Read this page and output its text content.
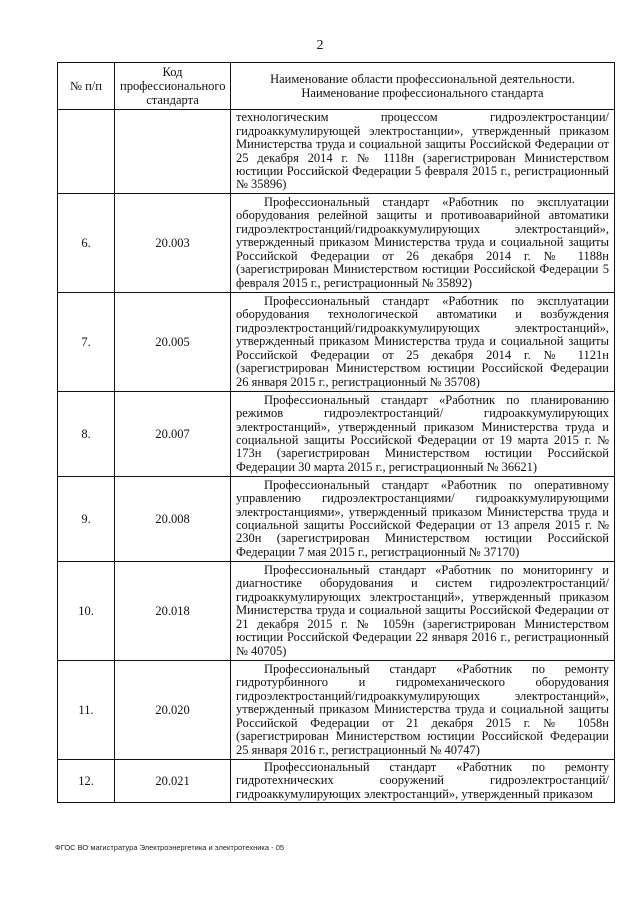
2
№ п/п	Код профессионального стандарта	Наименование области профессиональной деятельности. Наименование профессионального стандарта

		технологическим процессом гидроэлектростанции/ гидроаккумулирующей электростанции», утвержденный приказом Министерства труда и социальной защиты Российской Федерации от 25 декабря 2014 г. № 1118н (зарегистрирован Министерством юстиции Российской Федерации 5 февраля 2015 г., регистрационный № 35896)

6.	20.003	Профессиональный стандарт «Работник по эксплуатации оборудования релейной защиты и противоаварийной автоматики гидроэлектростанций/гидроаккумулирующих электростанций», утвержденный приказом Министерства труда и социальной защиты Российской Федерации от 26 декабря 2014 г. № 1188н (зарегистрирован Министерством юстиции Российской Федерации 5 февраля 2015 г., регистрационный № 35892)

7.	20.005	Профессиональный стандарт «Работник по эксплуатации оборудования технологической автоматики и возбуждения гидроэлектростанций/гидроаккумулирующих электростанций», утвержденный приказом Министерства труда и социальной защиты Российской Федерации от 25 декабря 2014 г. № 1121н (зарегистрирован Министерством юстиции Российской Федерации 26 января 2015 г., регистрационный № 35708)

8.	20.007	Профессиональный стандарт «Работник по планированию режимов гидроэлектростанций/ гидроаккумулирующих электростанций», утвержденный приказом Министерства труда и социальной защиты Российской Федерации от 19 марта 2015 г. № 173н (зарегистрирован Министерством юстиции Российской Федерации 30 марта 2015 г., регистрационный № 36621)

9.	20.008	Профессиональный стандарт «Работник по оперативному управлению гидроэлектростанциями/ гидроаккумулирующими электростанциями», утвержденный приказом Министерства труда и социальной защиты Российской Федерации от 13 апреля 2015 г. № 230н (зарегистрирован Министерством юстиции Российской Федерации 7 мая 2015 г., регистрационный № 37170)

10.	20.018	Профессиональный стандарт «Работник по мониторингу и диагностике оборудования и систем гидроэлектростанций/ гидроаккумулирующих электростанций», утвержденный приказом Министерства труда и социальной защиты Российской Федерации от 21 декабря 2015 г. № 1059н (зарегистрирован Министерством юстиции Российской Федерации 22 января 2016 г., регистрационный № 40705)

11.	20.020	Профессиональный стандарт «Работник по ремонту гидротурбинного и гидромеханического оборудования гидроэлектростанций/гидроаккумулирующих электростанций», утвержденный приказом Министерства труда и социальной защиты Российской Федерации от 21 декабря 2015 г. № 1058н (зарегистрирован Министерством юстиции Российской Федерации 25 января 2016 г., регистрационный № 40747)

12.	20.021	Профессиональный стандарт «Работник по ремонту гидротехнических сооружений гидроэлектростанций/ гидроаккумулирующих электростанций», утвержденный приказом
ФГОС ВО магистратура Электроэнергетика и электротехника - 05
